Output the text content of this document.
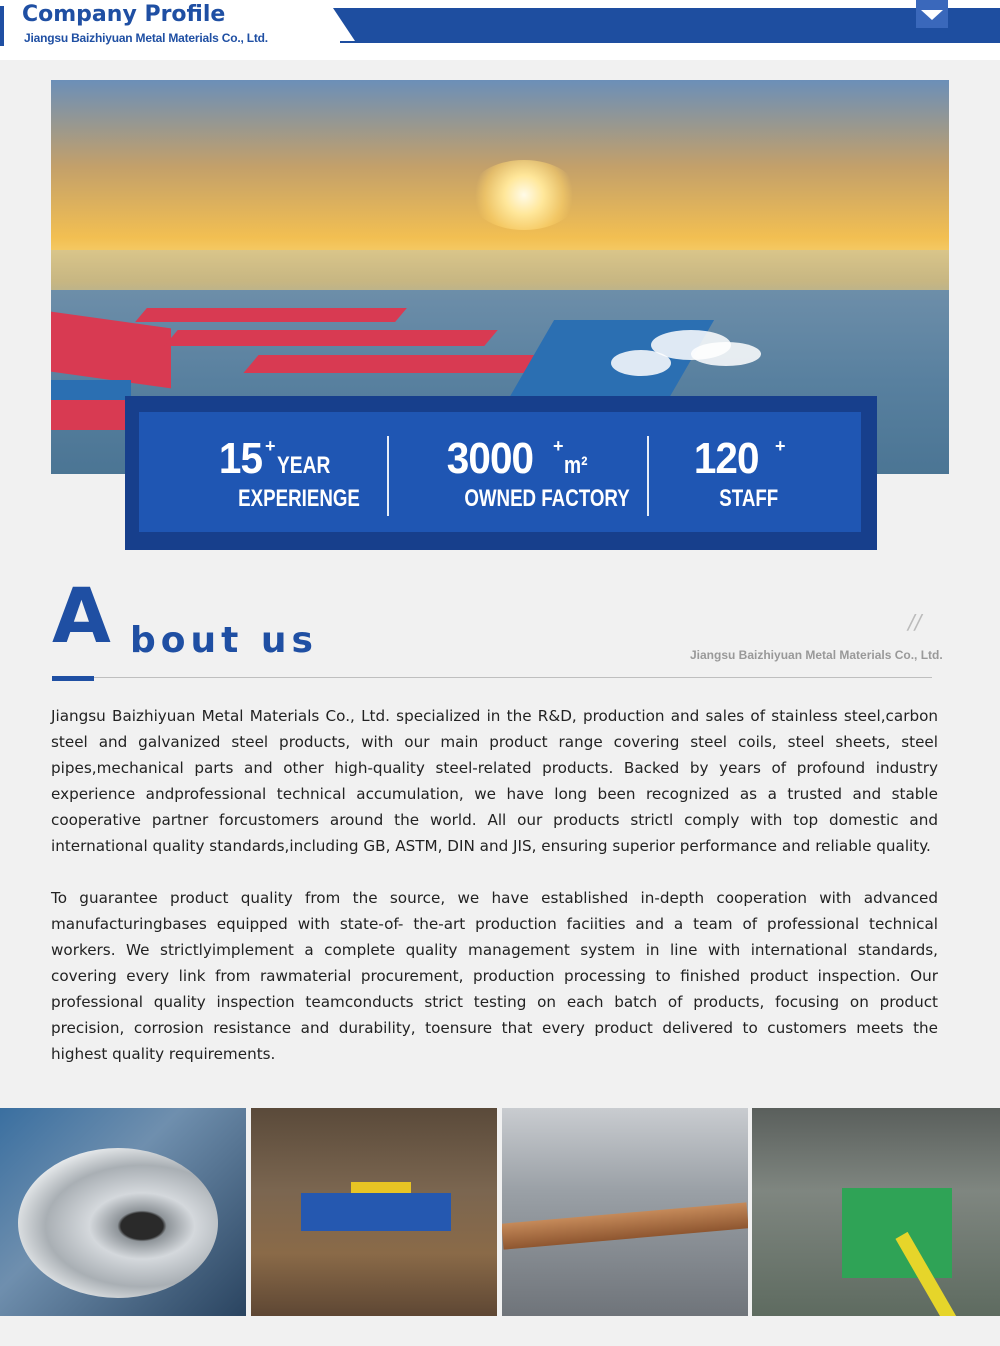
Company Profile
Jiangsu Baizhiyuan Metal Materials Co., Ltd.
15 +
YEAR
EXPERIENGE
3000 +
m²
OWNED FACTORY
120 +
STAFF
A bout us	//
Jiangsu Baizhiyuan Metal Materials Co., Ltd.

Jiangsu Baizhiyuan Metal Materials Co., Ltd. specialized in the R&D, production and sales of stainless steel,carbon steel and galvanized steel products, with our main product range covering steel coils, steel sheets, steel pipes,mechanical parts and other high-quality steel-related products. Backed by years of profound industry experience andprofessional technical accumulation, we have long been recognized as a trusted and stable cooperative partner forcustomers around the world. All our products strictl comply with top domestic and international quality standards,including GB, ASTM, DIN and JIS, ensuring superior performance and reliable quality.

To guarantee product quality from the source, we have established in-depth cooperation with advanced manufacturingbases equipped with state-of- the-art production faciities and a team of professional technical workers. We strictlyimplement a complete quality management system in line with international standards, covering every link from rawmaterial procurement, production processing to finished product inspection. Our professional quality inspection teamconducts strict testing on each batch of products, focusing on product precision, corrosion resistance and durability, toensure that every product delivered to customers meets the highest quality requirements.
